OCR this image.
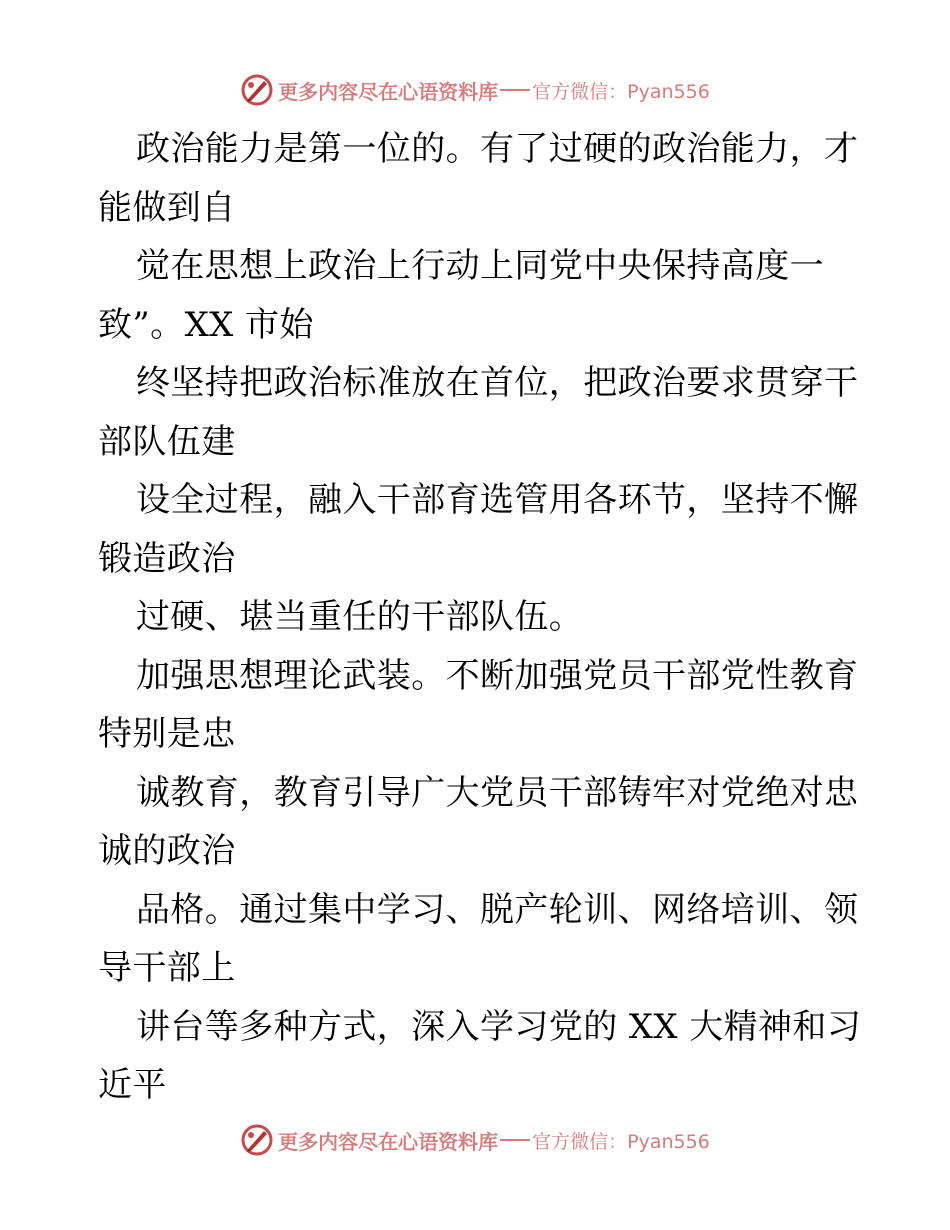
更多内容尽在心语资料库 官方微信：Pyan556
政治能力是第一位的。有了过硬的政治能力，才
能做到自
觉在思想上政治上行动上同党中央保持高度一
致”。XX 市始
终坚持把政治标准放在首位，把政治要求贯穿干
部队伍建
设全过程，融入干部育选管用各环节，坚持不懈
锻造政治
过硬、堪当重任的干部队伍。
加强思想理论武装。不断加强党员干部党性教育
特别是忠
诚教育，教育引导广大党员干部铸牢对党绝对忠
诚的政治
品格。通过集中学习、脱产轮训、网络培训、领
导干部上
讲台等多种方式，深入学习党的 XX 大精神和习
近平
更多内容尽在心语资料库 官方微信：Pyan556
